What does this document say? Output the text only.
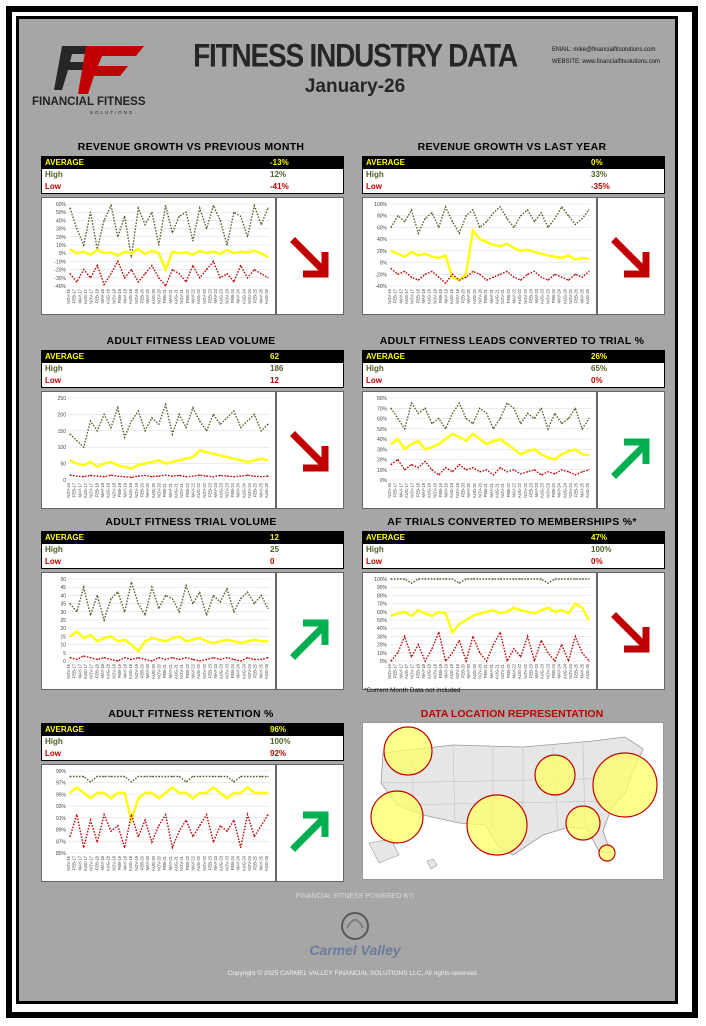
FINANCIAL FITNESS
SOLUTIONS
FITNESS INDUSTRY DATA
January-26
EMAIL: mike@financialfitsolutions.com
WEBSITE: www.financialfitsolutions.com
REVENUE GROWTH VS PREVIOUS MONTH
AVERAGE	-13%
High	12%
Low	-41%
60%
50%
40%
30%
20%
10%
0%
-10%
-20%
-30%
-40%
NOV-16 FEB-17 MAY-17 AUG-17 NOV-17 FEB-18 MAY-18 AUG-18 NOV-18 FEB-19 MAY-19 AUG-19 NOV-19 FEB-20 MAY-20 AUG-20 NOV-20 FEB-21 MAY-21 AUG-21 NOV-21 FEB-22 MAY-22 AUG-22 NOV-22 FEB-23 MAY-23 AUG-23 NOV-23 FEB-24 MAY-24 AUG-24 NOV-24 FEB-25 MAY-25 AUG-25
REVENUE GROWTH VS LAST YEAR
AVERAGE	0%
High	33%
Low	-35%
100%
80%
60%
40%
20%
0%
-20%
-40%
NOV-16 FEB-17 MAY-17 AUG-17 NOV-17 FEB-18 MAY-18 AUG-18 NOV-18 FEB-19 MAY-19 AUG-19 NOV-19 FEB-20 MAY-20 AUG-20 NOV-20 FEB-21 MAY-21 AUG-21 NOV-21 FEB-22 MAY-22 AUG-22 NOV-22 FEB-23 MAY-23 AUG-23 NOV-23 FEB-24 MAY-24 AUG-24 NOV-24 FEB-25 MAY-25 AUG-25
ADULT FITNESS LEAD VOLUME
AVERAGE	62
High	186
Low	12
250
200
150
100
50
0
NOV-16 FEB-17 MAY-17 AUG-17 NOV-17 FEB-18 MAY-18 AUG-18 NOV-18 FEB-19 MAY-19 AUG-19 NOV-19 FEB-20 MAY-20 AUG-20 NOV-20 FEB-21 MAY-21 AUG-21 NOV-21 FEB-22 MAY-22 AUG-22 NOV-22 FEB-23 MAY-23 AUG-23 NOV-23 FEB-24 MAY-24 AUG-24 NOV-24 FEB-25 MAY-25 AUG-25
ADULT FITNESS LEADS CONVERTED TO TRIAL %
AVERAGE	26%
High	65%
Low	0%
80%
70%
60%
50%
40%
30%
20%
10%
0%
NOV-16 FEB-17 MAY-17 AUG-17 NOV-17 FEB-18 MAY-18 AUG-18 NOV-18 FEB-19 MAY-19 AUG-19 NOV-19 FEB-20 MAY-20 AUG-20 NOV-20 FEB-21 MAY-21 AUG-21 NOV-21 FEB-22 MAY-22 AUG-22 NOV-22 FEB-23 MAY-23 AUG-23 NOV-23 FEB-24 MAY-24 AUG-24 NOV-24 FEB-25 MAY-25 AUG-25
ADULT FITNESS TRIAL VOLUME
AVERAGE	12
High	25
Low	0
50
45
40
35
30
25
20
15
10
5
0
NOV-16 FEB-17 MAY-17 AUG-17 NOV-17 FEB-18 MAY-18 AUG-18 NOV-18 FEB-19 MAY-19 AUG-19 NOV-19 FEB-20 MAY-20 AUG-20 NOV-20 FEB-21 MAY-21 AUG-21 NOV-21 FEB-22 MAY-22 AUG-22 NOV-22 FEB-23 MAY-23 AUG-23 NOV-23 FEB-24 MAY-24 AUG-24 NOV-24 FEB-25 MAY-25 AUG-25
AF TRIALS CONVERTED TO MEMBERSHIPS %*
AVERAGE	47%
High	100%
Low	0%
100%
90%
80%
70%
60%
50%
40%
30%
20%
10%
0%
NOV-16 FEB-17 MAY-17 AUG-17 NOV-17 FEB-18 MAY-18 AUG-18 NOV-18 FEB-19 MAY-19 AUG-19 NOV-19 FEB-20 MAY-20 AUG-20 NOV-20 FEB-21 MAY-21 AUG-21 NOV-21 FEB-22 MAY-22 AUG-22 NOV-22 FEB-23 MAY-23 AUG-23 NOV-23 FEB-24 MAY-24 AUG-24 NOV-24 FEB-25 MAY-25 AUG-25
ADULT FITNESS RETENTION %
AVERAGE	96%
High	100%
Low	92%
99%
97%
95%
93%
91%
89%
87%
85%
NOV-16 FEB-17 MAY-17 AUG-17 NOV-17 FEB-18 MAY-18 AUG-18 NOV-18 FEB-19 MAY-19 AUG-19 NOV-19 FEB-20 MAY-20 AUG-20 NOV-20 FEB-21 MAY-21 AUG-21 NOV-21 FEB-22 MAY-22 AUG-22 NOV-22 FEB-23 MAY-23 AUG-23 NOV-23 FEB-24 MAY-24 AUG-24 NOV-24 FEB-25 MAY-25 AUG-25
*Current Month Data not included
DATA LOCATION REPRESENTATION
FINANCIAL FITNESS POWERED BY:
Carmel Valley
Copyright © 2025 CARMEL VALLEY FINANCIAL SOLUTIONS LLC, All rights reserved.
